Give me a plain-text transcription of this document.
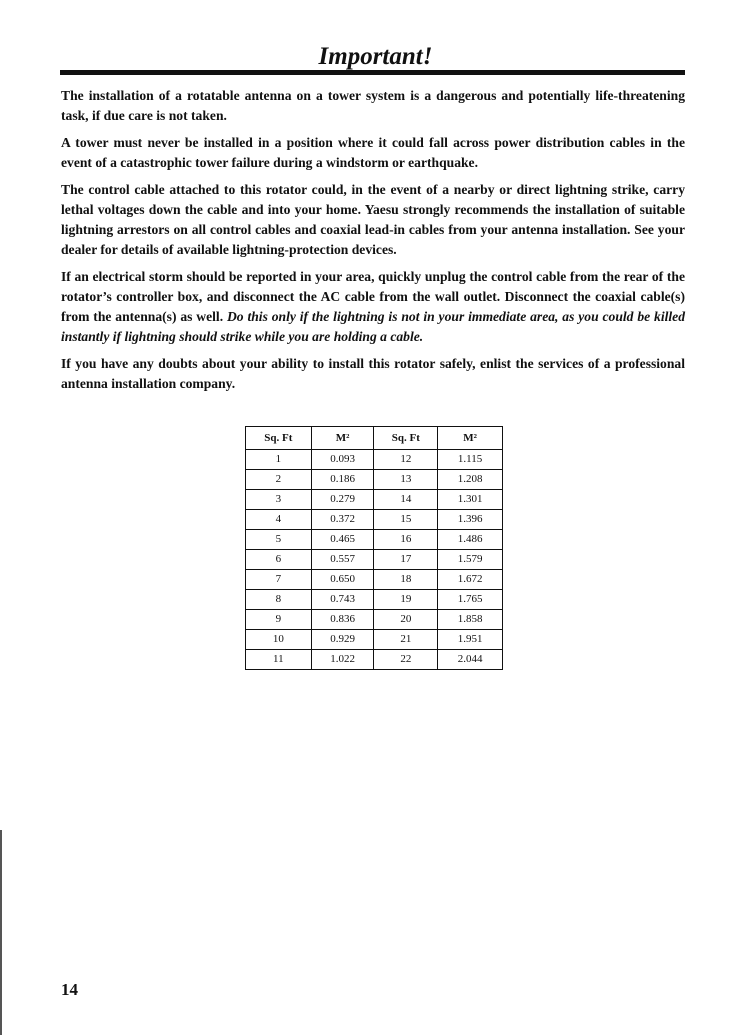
Important!

The installation of a rotatable antenna on a tower system is a dangerous and potentially life-threatening task, if due care is not taken.

A tower must never be installed in a position where it could fall across power distribution cables in the event of a catastrophic tower failure during a windstorm or earthquake.

The control cable attached to this rotator could, in the event of a nearby or direct lightning strike, carry lethal voltages down the cable and into your home. Yaesu strongly recommends the installation of suitable lightning arrestors on all control cables and coaxial lead-in cables from your antenna installation. See your dealer for details of available lightning-protection devices.

If an electrical storm should be reported in your area, quickly unplug the control cable from the rear of the rotator’s controller box, and disconnect the AC cable from the wall outlet. Disconnect the coaxial cable(s) from the antenna(s) as well. Do this only if the lightning is not in your immediate area, as you could be killed instantly if lightning should strike while you are holding a cable.

If you have any doubts about your ability to install this rotator safely, enlist the services of a professional antenna installation company.

Sq. Ft	M²	Sq. Ft	M²
1	0.093	12	1.115
2	0.186	13	1.208
3	0.279	14	1.301
4	0.372	15	1.396
5	0.465	16	1.486
6	0.557	17	1.579
7	0.650	18	1.672
8	0.743	19	1.765
9	0.836	20	1.858
10	0.929	21	1.951
11	1.022	22	2.044
14
